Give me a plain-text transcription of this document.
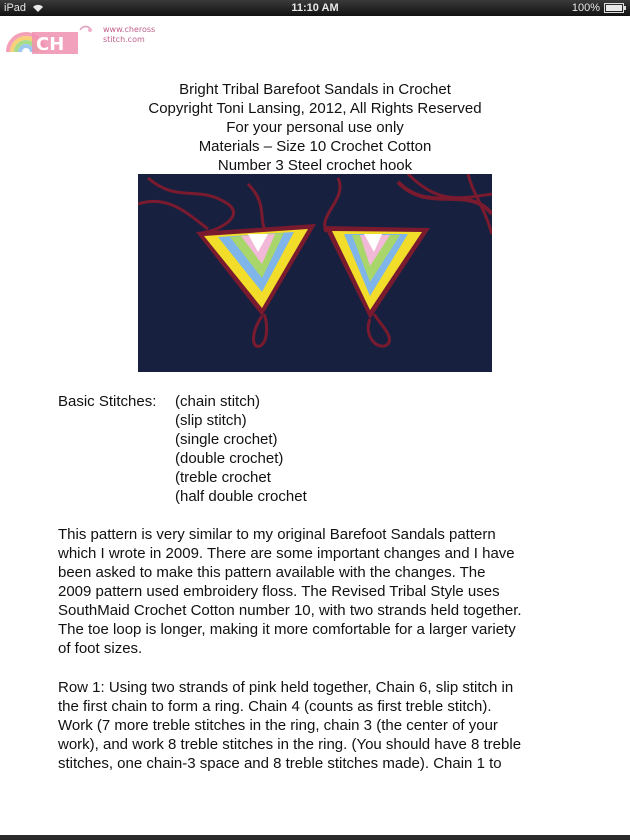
iPad	11:10 AM	100%
CH
www.cheross
stitch.com
Bright Tribal Barefoot Sandals in Crochet
Copyright Toni Lansing, 2012, All Rights Reserved
For your personal use only
Materials – Size 10 Crochet Cotton
Number 3 Steel crochet hook
Basic Stitches: (chain stitch)
(slip stitch)
(single crochet)
(double crochet)
(treble crochet
(half double crochet
This pattern is very similar to my original Barefoot Sandals pattern
which I wrote in 2009. There are some important changes and I have
been asked to make this pattern available with the changes. The
2009 pattern used embroidery floss. The Revised Tribal Style uses
SouthMaid Crochet Cotton number 10, with two strands held together.
The toe loop is longer, making it more comfortable for a larger variety
of foot sizes.
Row 1: Using two strands of pink held together, Chain 6, slip stitch in
the first chain to form a ring. Chain 4 (counts as first treble stitch).
Work (7 more treble stitches in the ring, chain 3 (the center of your
work), and work 8 treble stitches in the ring. (You should have 8 treble
stitches, one chain-3 space and 8 treble stitches made). Chain 1 to
